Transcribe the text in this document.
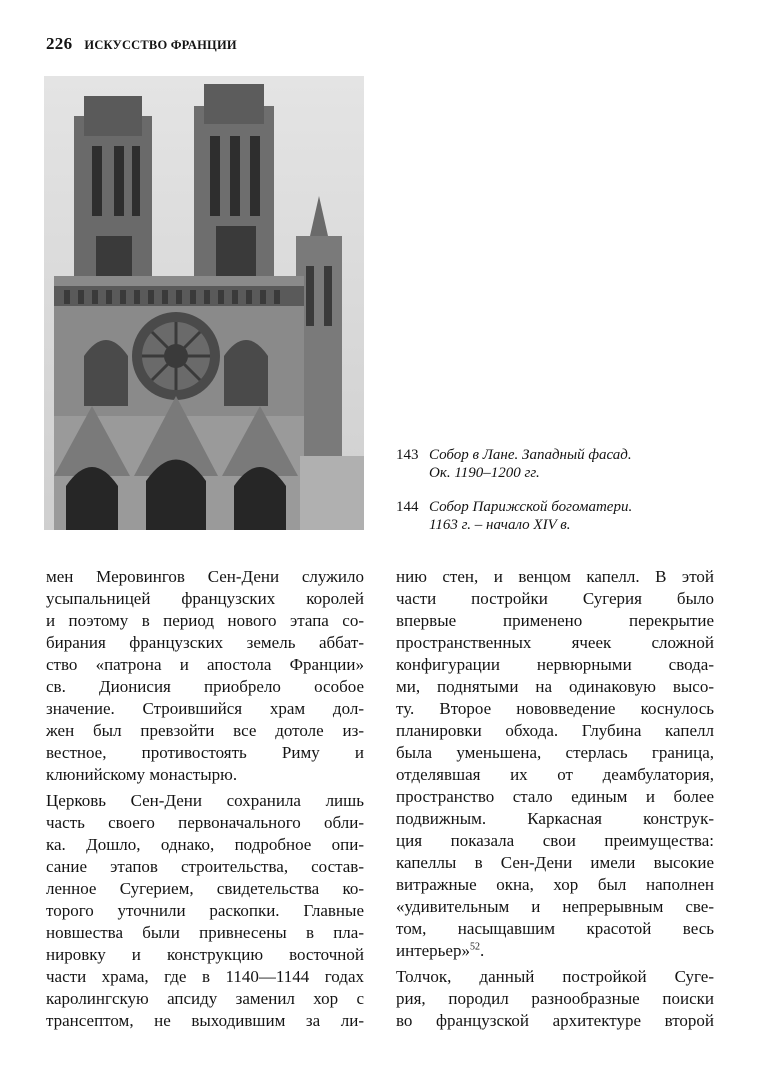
226 ИСКУССТВО ФРАНЦИИ
143 Собор в Лане. Западный фасад.
Ок. 1190–1200 гг.
144 Собор Парижской богоматери.
1163 г. – начало XIV в.

мен Меровингов Сен-Дени служило
усыпальницей французских королей
и поэтому в период нового этапа со-
бирания французских земель аббат-
ство «патрона и апостола Франции»
св. Дионисия приобрело особое
значение. Строившийся храм дол-
жен был превзойти все дотоле из-
вестное, противостоять Риму и
клюнийскому монастырю.

Церковь Сен-Дени сохранила лишь
часть своего первоначального обли-
ка. Дошло, однако, подробное опи-
сание этапов строительства, состав-
ленное Сугерием, свидетельства ко-
торого уточнили раскопки. Главные
новшества были привнесены в пла-
нировку и конструкцию восточной
части храма, где в 1140—1144 годах
каролингскую апсиду заменил хор с
трансептом, не выходившим за ли-

нию стен, и венцом капелл. В этой
части постройки Сугерия было
впервые применено перекрытие
пространственных ячеек сложной
конфигурации нервюрными свода-
ми, поднятыми на одинаковую высо-
ту. Второе нововведение коснулось
планировки обхода. Глубина капелл
была уменьшена, стерлась граница,
отделявшая их от деамбулатория,
пространство стало единым и более
подвижным. Каркасная конструк-
ция показала свои преимущества:
капеллы в Сен-Дени имели высокие
витражные окна, хор был наполнен
«удивительным и непрерывным све-
том, насыщавшим красотой весь
интерьер»$^{52}$.

Толчок, данный постройкой Суге-
рия, породил разнообразные поиски
во французской архитектуре второй
